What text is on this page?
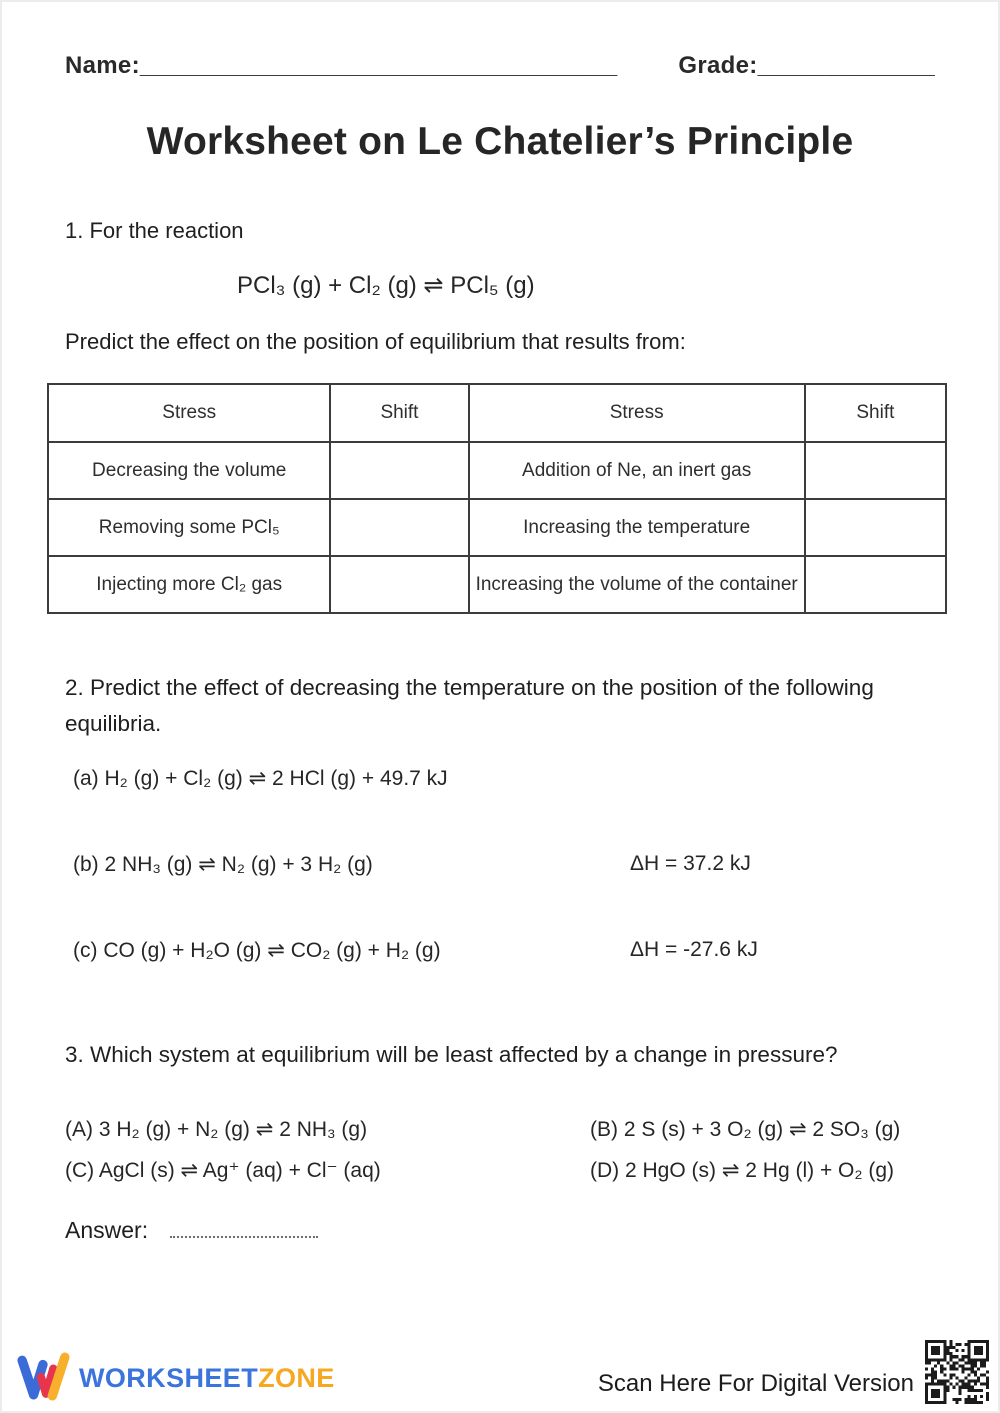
Name:___________________________________	Grade:_____________
Worksheet on Le Chatelier’s Principle
1. For the reaction
PCl₃ (g) + Cl₂ (g) ⇌ PCl₅ (g)
Predict the effect on the position of equilibrium that results from:
Stress	Shift	Stress	Shift
Decreasing the volume		Addition of Ne, an inert gas	
Removing some PCl₅		Increasing the temperature	
Injecting more Cl₂ gas		Increasing the volume of the container	
2. Predict the effect of decreasing the temperature on the position of the following equilibria.
(a) H₂ (g) + Cl₂ (g) ⇌ 2 HCl (g) + 49.7 kJ
(b) 2 NH₃ (g) ⇌ N₂ (g) + 3 H₂ (g)	ΔH = 37.2 kJ
(c) CO (g) + H₂O (g) ⇌ CO₂ (g) + H₂ (g)	ΔH = -27.6 kJ
3. Which system at equilibrium will be least affected by a change in pressure?
(A) 3 H₂ (g) + N₂ (g) ⇌ 2 NH₃ (g)	(B) 2 S (s) + 3 O₂ (g) ⇌ 2 SO₃ (g)
(C) AgCl (s) ⇌ Ag⁺ (aq) + Cl⁻ (aq)	(D) 2 HgO (s) ⇌ 2 Hg (l) + O₂ (g)
Answer:
WORKSHEETZONE	Scan Here For Digital Version
